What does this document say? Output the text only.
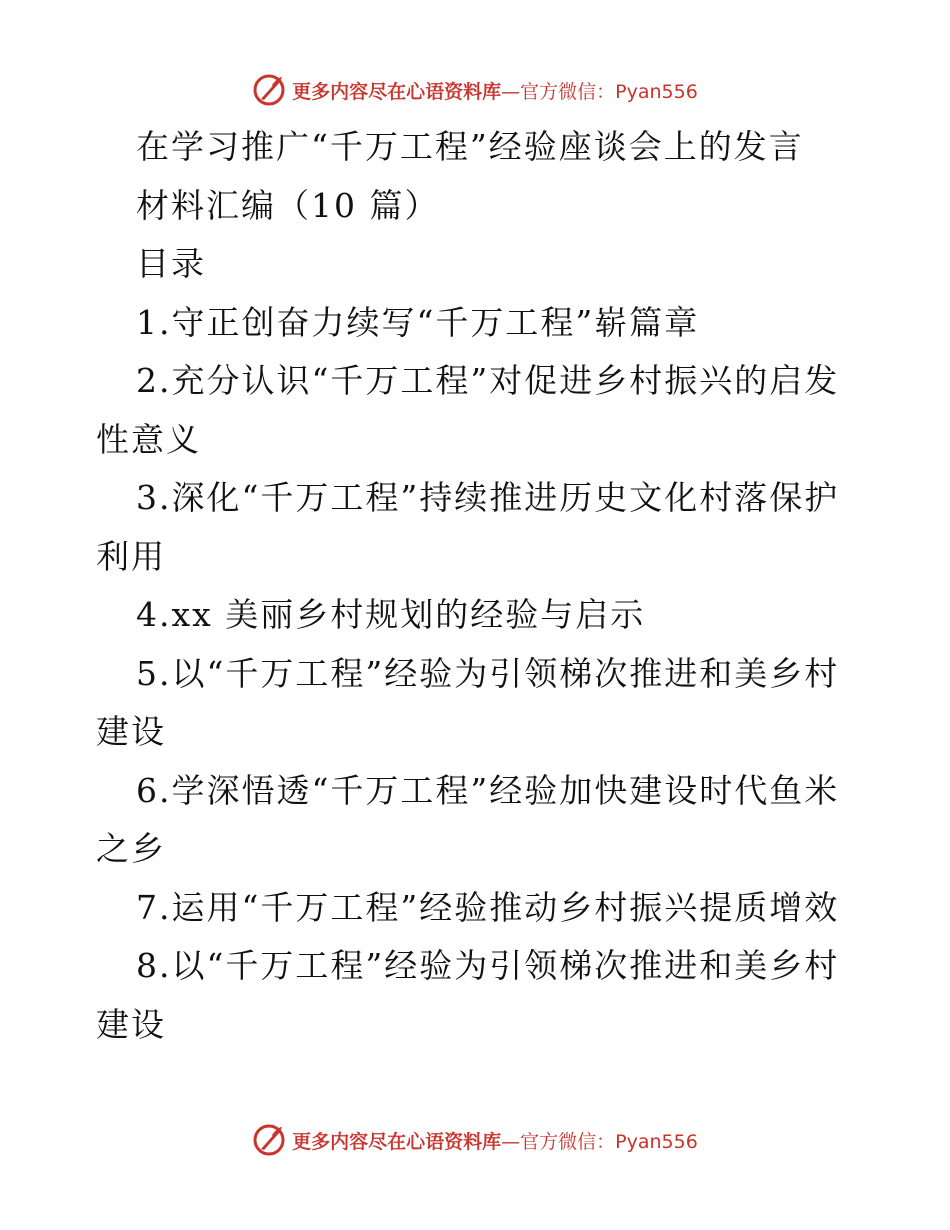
更多内容尽在心语资料库—官方微信：Pyan556

在学习推广“千万工程”经验座谈会上的发言

材料汇编（10 篇）

目录

1.守正创奋力续写“千万工程”崭篇章

2.充分认识“千万工程”对促进乡村振兴的启发性意义

3.深化“千万工程”持续推进历史文化村落保护利用

4.xx 美丽乡村规划的经验与启示

5.以“千万工程”经验为引领梯次推进和美乡村建设

6.学深悟透“千万工程”经验加快建设时代鱼米之乡

7.运用“千万工程”经验推动乡村振兴提质增效

8.以“千万工程”经验为引领梯次推进和美乡村建设

更多内容尽在心语资料库—官方微信：Pyan556
